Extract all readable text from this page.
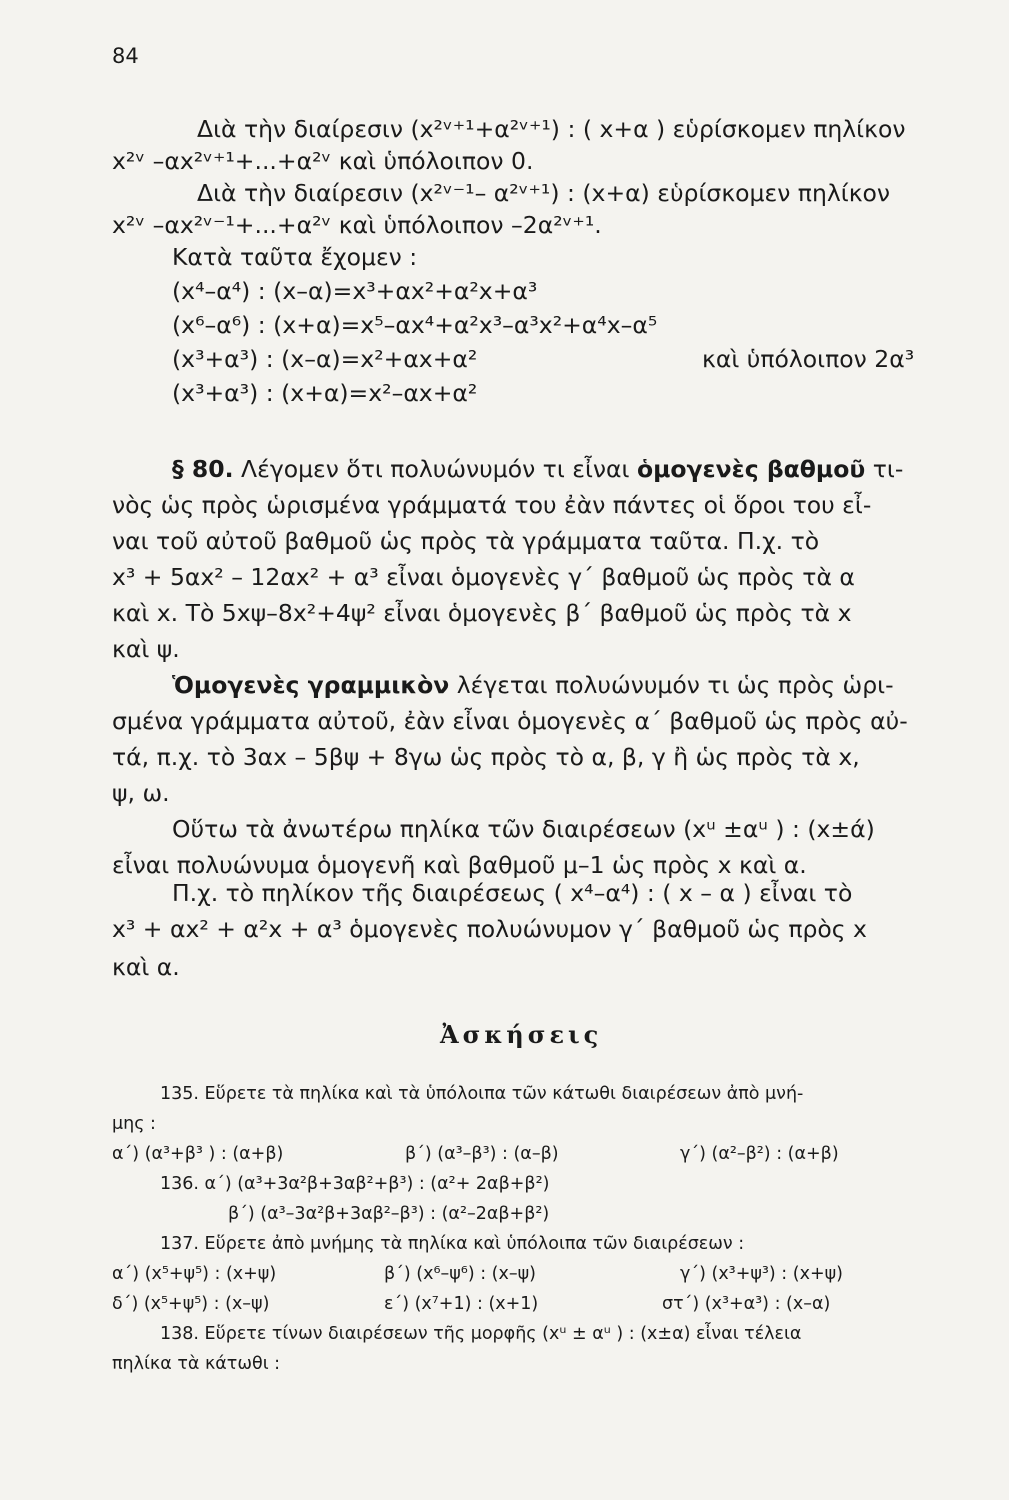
84
Διὰ τὴν διαίρεσιν (x²ᵛ⁺¹+α²ᵛ⁺¹) : ( x+α ) εὑρίσκομεν πηλίκον
x²ᵛ –αx²ᵛ⁺¹+...+α²ᵛ καὶ ὑπόλοιπον 0.
Διὰ τὴν διαίρεσιν (x²ᵛ⁻¹– α²ᵛ⁺¹) : (x+α) εὑρίσκομεν πηλίκον
x²ᵛ –αx²ᵛ⁻¹+...+α²ᵛ καὶ ὑπόλοιπον –2α²ᵛ⁺¹.
Κατὰ ταῦτα ἔχομεν :
(x⁴–α⁴) : (x–α)=x³+αx²+α²x+α³
(x⁶–α⁶) : (x+α)=x⁵–αx⁴+α²x³–α³x²+α⁴x–α⁵
(x³+α³) : (x–α)=x²+αx+α²	καὶ ὑπόλοιπον 2α³
(x³+α³) : (x+α)=x²–αx+α²
§ 80. Λέγομεν ὅτι πολυώνυμόν τι εἶναι ὁμογενὲς βαθμοῦ τι-
νὸς ὡς πρὸς ὡρισμένα γράμματά του ἐὰν πάντες οἱ ὅροι του εἶ-
ναι τοῦ αὐτοῦ βαθμοῦ ὡς πρὸς τὰ γράμματα ταῦτα. Π.χ. τὸ
x³ + 5αx² – 12αx² + α³ εἶναι ὁμογενὲς γ΄ βαθμοῦ ὡς πρὸς τὰ α
καὶ x. Τὸ 5xψ–8x²+4ψ² εἶναι ὁμογενὲς β΄ βαθμοῦ ὡς πρὸς τὰ x
καὶ ψ.
Ὁμογενὲς γραμμικὸν λέγεται πολυώνυμόν τι ὡς πρὸς ὡρι-
σμένα γράμματα αὐτοῦ, ἐὰν εἶναι ὁμογενὲς α΄ βαθμοῦ ὡς πρὸς αὐ-
τά, π.χ. τὸ 3αx – 5βψ + 8γω ὡς πρὸς τὸ α, β, γ ἢ ὡς πρὸς τὰ x,
ψ, ω.
Οὕτω τὰ ἀνωτέρω πηλίκα τῶν διαιρέσεων (xᵘ ±αᵘ ) : (x±ά)
εἶναι πολυώνυμα ὁμογενῆ καὶ βαθμοῦ μ–1 ὡς πρὸς x καὶ α.
Π.χ. τὸ πηλίκον τῆς διαιρέσεως ( x⁴–α⁴) : ( x – α ) εἶναι τὸ
x³ + αx² + α²x + α³ ὁμογενὲς πολυώνυμον γ΄ βαθμοῦ ὡς πρὸς x
καὶ α.
Ἀσκήσεις
135. Εὕρετε τὰ πηλίκα καὶ τὰ ὑπόλοιπα τῶν κάτωθι διαιρέσεων ἀπὸ μνή-
μης :
α΄) (α³+β³ ) : (α+β)	β΄) (α³–β³) : (α–β)	γ΄) (α²–β²) : (α+β)
136. α΄) (α³+3α²β+3αβ²+β³) : (α²+ 2αβ+β²)
β΄) (α³–3α²β+3αβ²–β³) : (α²–2αβ+β²)
137. Εὕρετε ἀπὸ μνήμης τὰ πηλίκα καὶ ὑπόλοιπα τῶν διαιρέσεων :
α΄) (x⁵+ψ⁵) : (x+ψ)	β΄) (x⁶–ψ⁶) : (x–ψ)	γ΄) (x³+ψ³) : (x+ψ)
δ΄) (x⁵+ψ⁵) : (x–ψ)	ε΄) (x⁷+1) : (x+1)	στ΄) (x³+α³) : (x–α)
138. Εὕρετε τίνων διαιρέσεων τῆς μορφῆς (xᵘ ± αᵘ ) : (x±α) εἶναι τέλεια
πηλίκα τὰ κάτωθι :
